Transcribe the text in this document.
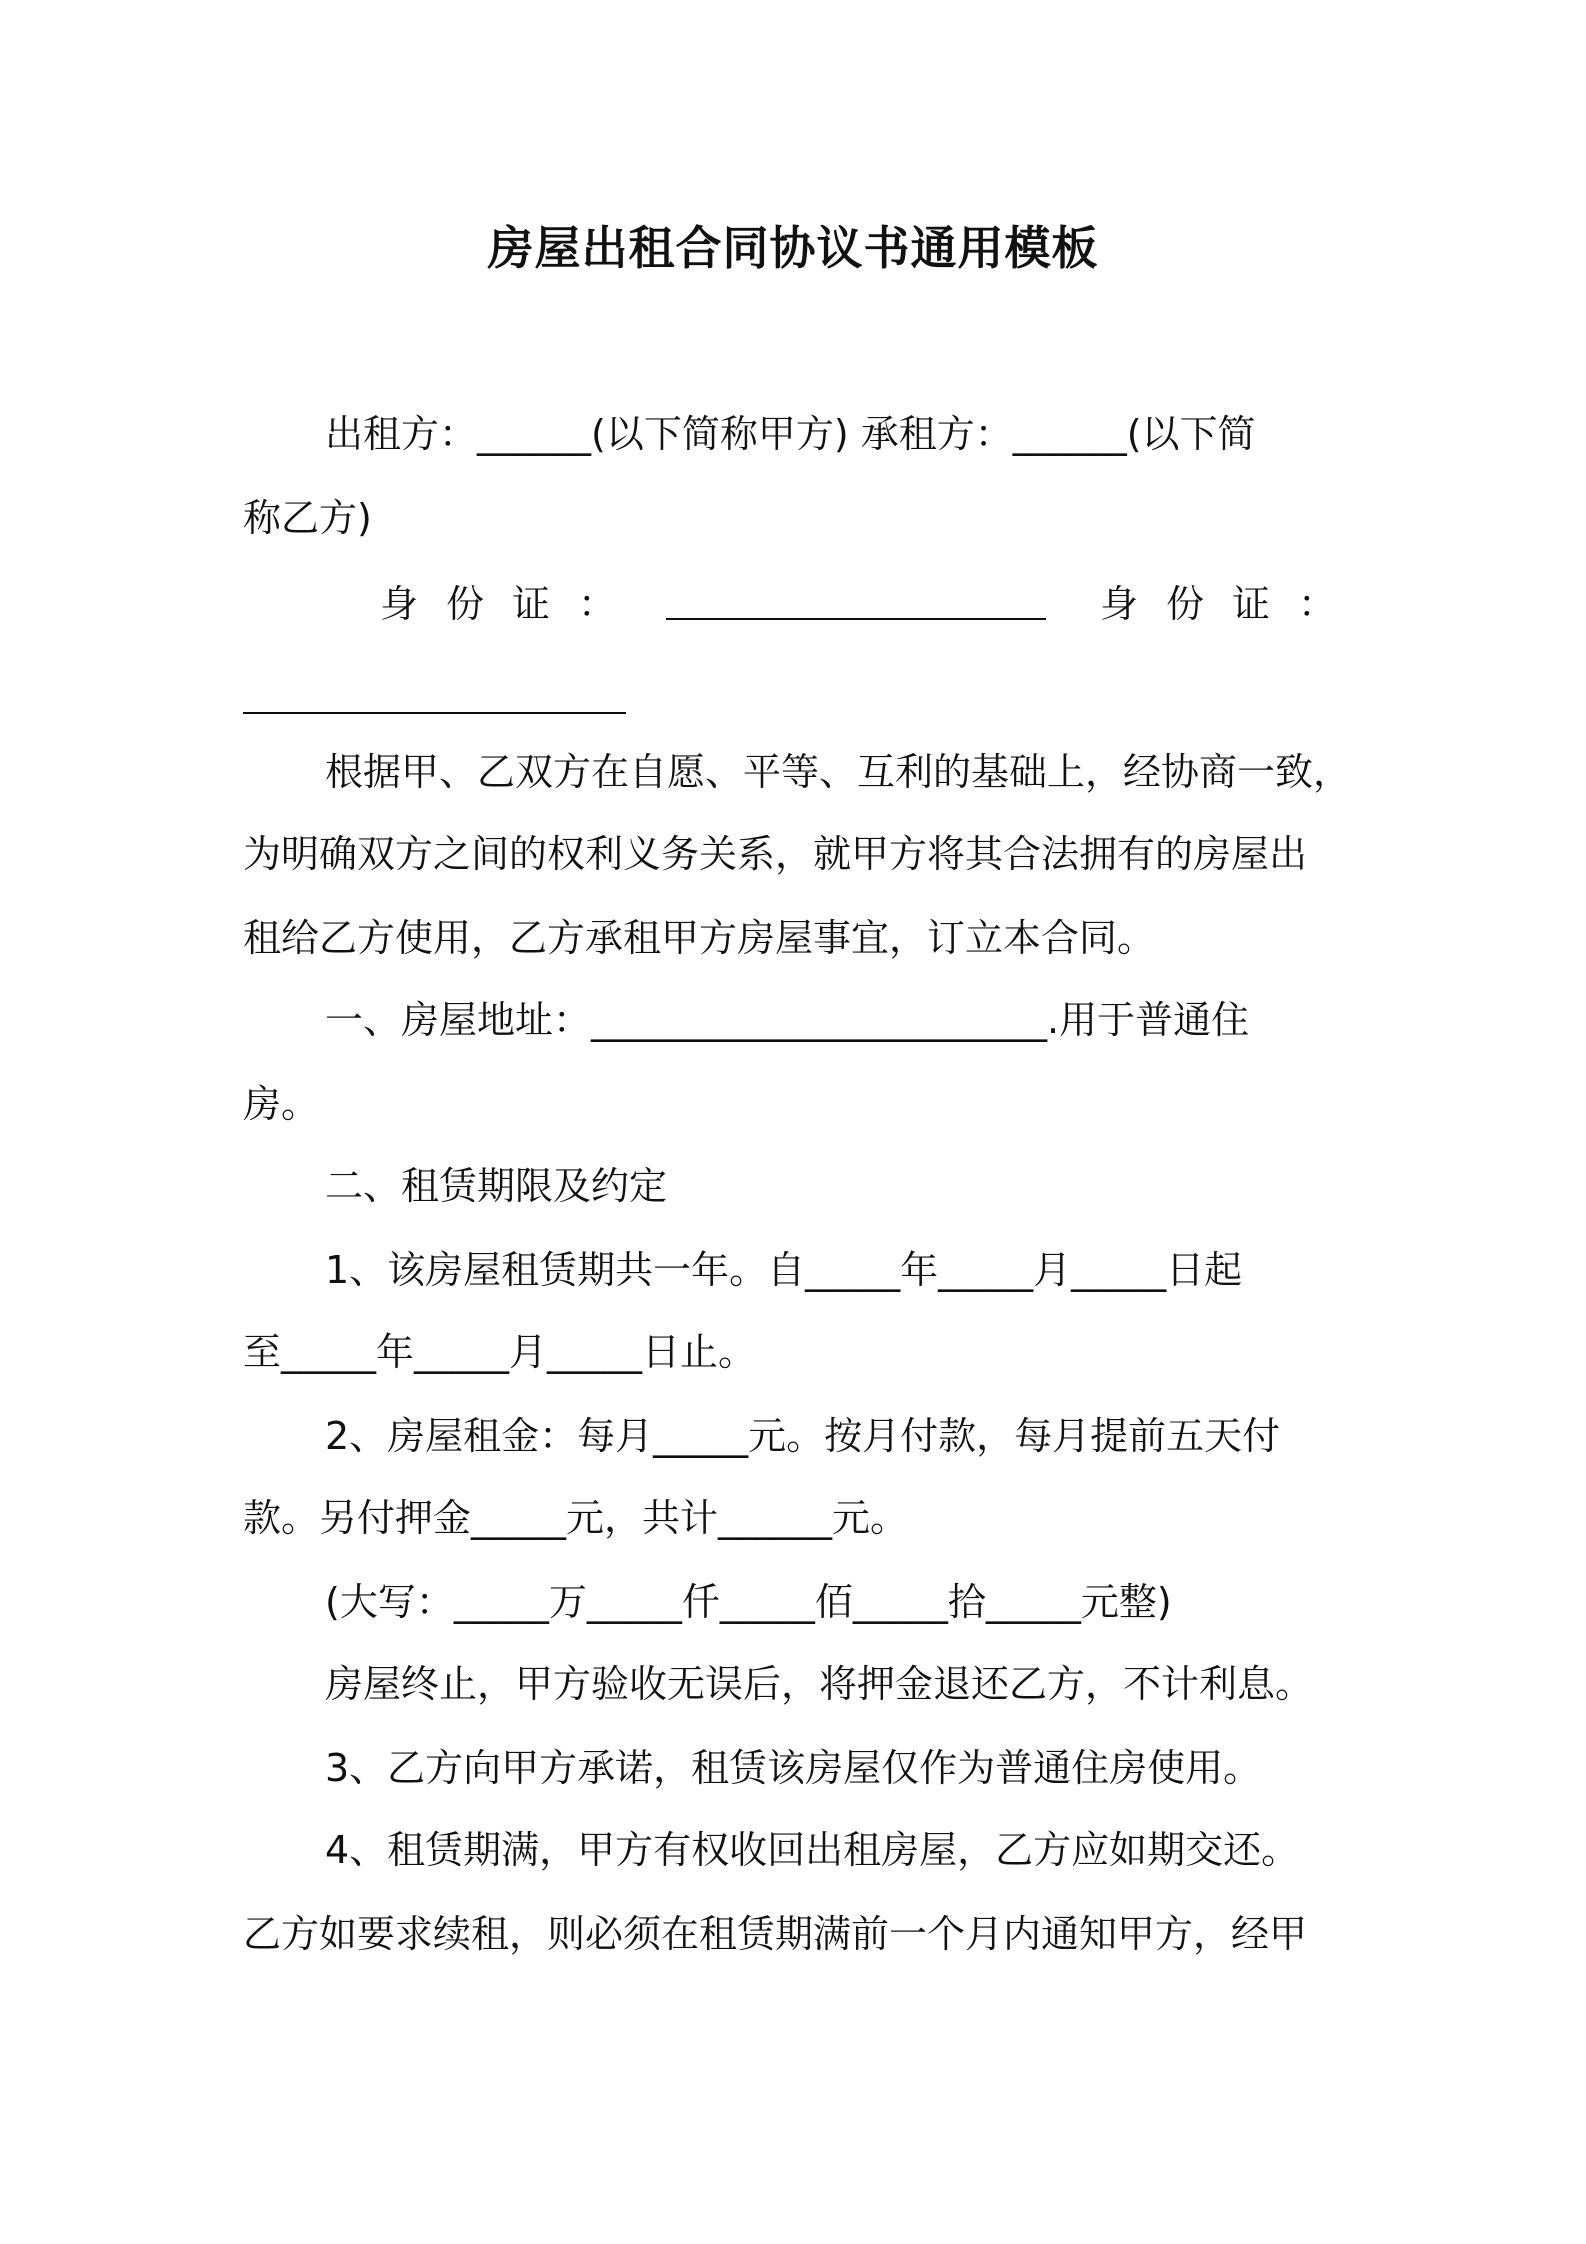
房屋出租合同协议书通用模板
出租方：______(以下简称甲方) 承租方：______(以下简
称乙方)
身 份 证 ：	身 份 证 ：
根据甲、乙双方在自愿、平等、互利的基础上，经协商一致，
为明确双方之间的权利义务关系，就甲方将其合法拥有的房屋出
租给乙方使用，乙方承租甲方房屋事宜，订立本合同。
一、房屋地址：________________________.用于普通住
房。
二、租赁期限及约定
1、该房屋租赁期共一年。自_____年_____月_____日起
至_____年_____月_____日止。
2、房屋租金：每月_____元。按月付款，每月提前五天付
款。另付押金_____元，共计______元。
(大写：_____万_____仟_____佰_____拾_____元整)
房屋终止，甲方验收无误后，将押金退还乙方，不计利息。
3、乙方向甲方承诺，租赁该房屋仅作为普通住房使用。
4、租赁期满，甲方有权收回出租房屋，乙方应如期交还。
乙方如要求续租，则必须在租赁期满前一个月内通知甲方，经甲
